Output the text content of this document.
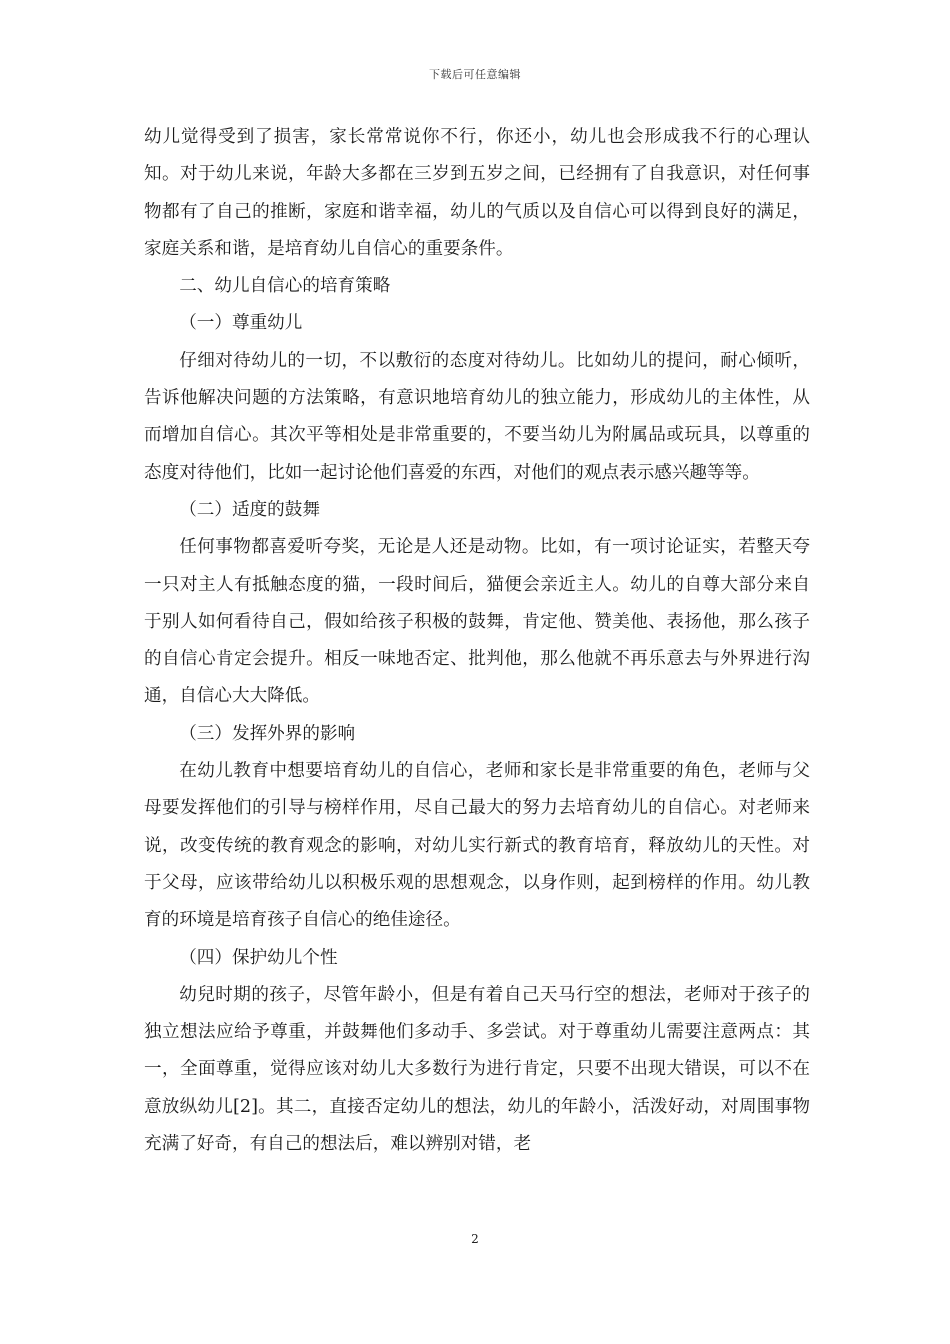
下载后可任意编辑

幼儿觉得受到了损害，家长常常说你不行，你还小，幼儿也会形成我不行的心理认知。对于幼儿来说，年龄大多都在三岁到五岁之间，已经拥有了自我意识，对任何事物都有了自己的推断，家庭和谐幸福，幼儿的气质以及自信心可以得到良好的满足，家庭关系和谐，是培育幼儿自信心的重要条件。

二、幼儿自信心的培育策略

（一）尊重幼儿

仔细对待幼儿的一切，不以敷衍的态度对待幼儿。比如幼儿的提问，耐心倾听，告诉他解决问题的方法策略，有意识地培育幼儿的独立能力，形成幼儿的主体性，从而增加自信心。其次平等相处是非常重要的，不要当幼儿为附属品或玩具，以尊重的态度对待他们，比如一起讨论他们喜爱的东西，对他们的观点表示感兴趣等等。

（二）适度的鼓舞

任何事物都喜爱听夸奖，无论是人还是动物。比如，有一项讨论证实，若整天夸一只对主人有抵触态度的猫，一段时间后，猫便会亲近主人。幼儿的自尊大部分来自于别人如何看待自己，假如给孩子积极的鼓舞，肯定他、赞美他、表扬他，那么孩子的自信心肯定会提升。相反一味地否定、批判他，那么他就不再乐意去与外界进行沟通，自信心大大降低。

（三）发挥外界的影响

在幼儿教育中想要培育幼儿的自信心，老师和家长是非常重要的角色，老师与父母要发挥他们的引导与榜样作用，尽自己最大的努力去培育幼儿的自信心。对老师来说，改变传统的教育观念的影响，对幼儿实行新式的教育培育，释放幼儿的天性。对于父母，应该带给幼儿以积极乐观的思想观念，以身作则，起到榜样的作用。幼儿教育的环境是培育孩子自信心的绝佳途径。

（四）保护幼儿个性

幼兒时期的孩子，尽管年龄小，但是有着自己天马行空的想法，老师对于孩子的独立想法应给予尊重，并鼓舞他们多动手、多尝试。对于尊重幼儿需要注意两点：其一，全面尊重，觉得应该对幼儿大多数行为进行肯定，只要不出现大错误，可以不在意放纵幼儿[2]。其二，直接否定幼儿的想法，幼儿的年龄小，活泼好动，对周围事物充满了好奇，有自己的想法后，难以辨别对错，老

2
